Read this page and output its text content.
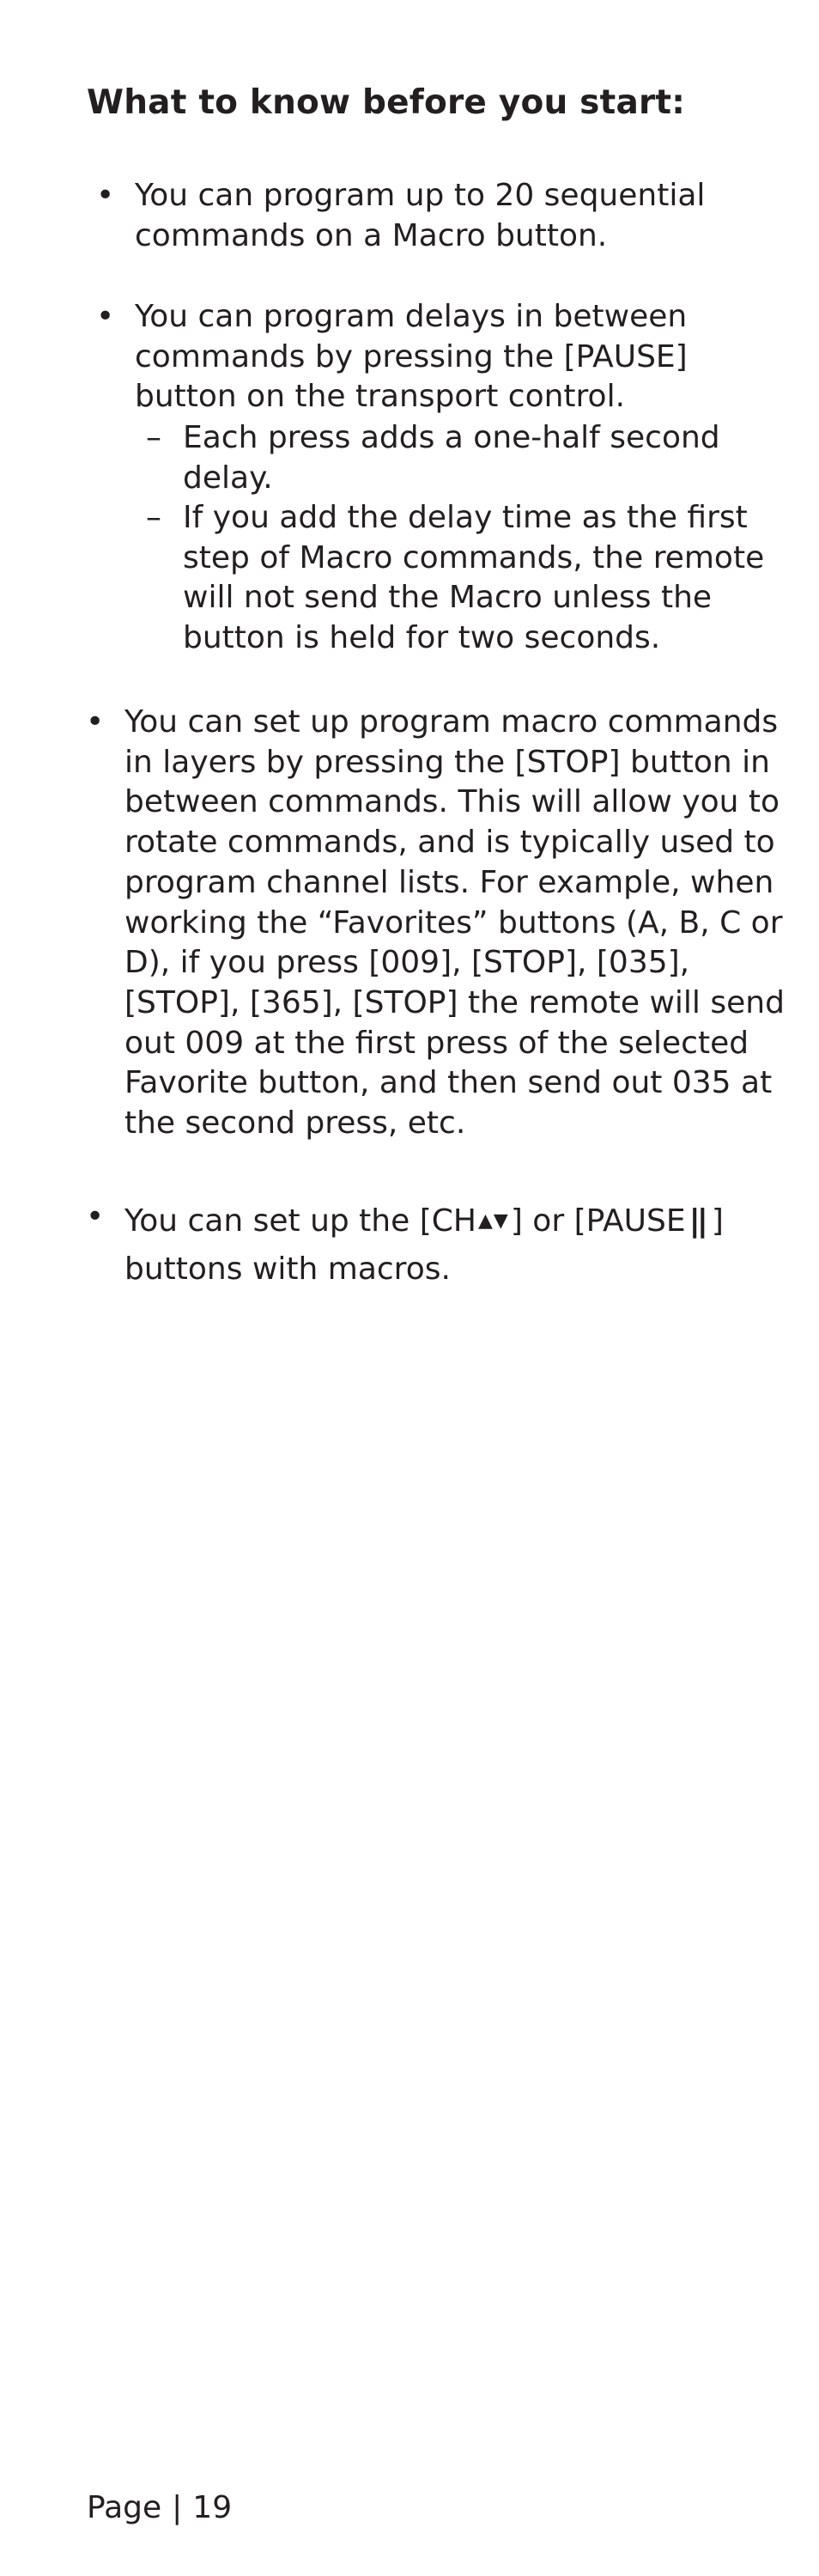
What to know before you start:
• You can program up to 20 sequential commands on a Macro button.
• You can program delays in between commands by pressing the [PAUSE] button on the transport control.
– Each press adds a one-half second delay.
– If you add the delay time as the first step of Macro commands, the remote will not send the Macro unless the button is held for two seconds.
• You can set up program macro commands in layers by pressing the [STOP] button in between commands. This will allow you to rotate commands, and is typically used to program channel lists. For example, when working the “Favorites” buttons (A, B, C or D), if you press [009], [STOP], [035], [STOP], [365], [STOP] the remote will send out 009 at the first press of the selected Favorite button, and then send out 035 at the second press, etc.
• You can set up the [CH▲▼] or [PAUSE || ]
buttons with macros.

Page | 19
